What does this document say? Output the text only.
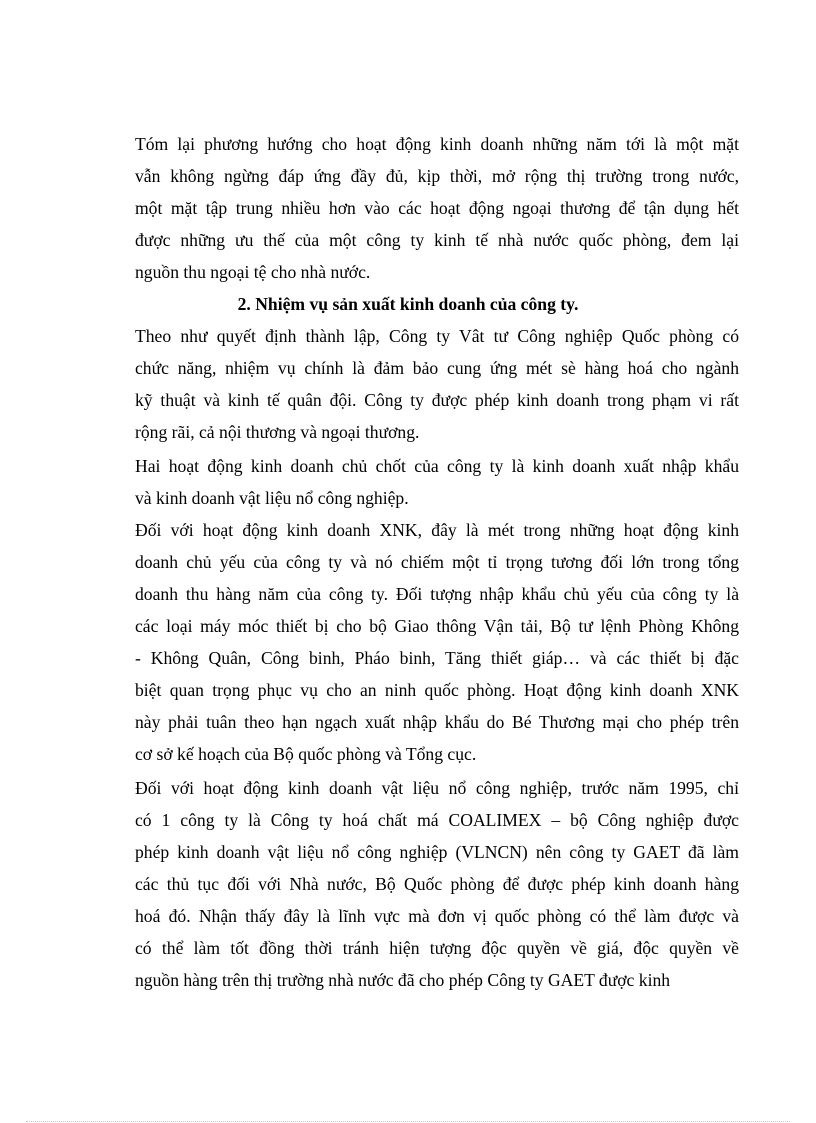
Tóm lại phương hướng cho hoạt động kinh doanh những năm tới là một mặt
vẫn không ngừng đáp ứng đầy đủ, kịp thời, mở rộng thị trường trong nước,
một mặt tập trung nhiều hơn vào các hoạt động ngoại thương để tận dụng hết
được những ưu thế của một công ty kinh tế nhà nước quốc phòng, đem lại
nguồn thu ngoại tệ cho nhà nước.
2. Nhiệm vụ sản xuất kinh doanh của công ty.
Theo như quyết định thành lập, Công ty Vât tư Công nghiệp Quốc phòng có
chức năng, nhiệm vụ chính là đảm bảo cung ứng mét sè hàng hoá cho ngành
kỹ thuật và kinh tế quân đội. Công ty được phép kinh doanh trong phạm vi rất
rộng rãi, cả nội thương và ngoại thương.
Hai hoạt động kinh doanh chủ chốt của công ty là kinh doanh xuất nhập khẩu
và kinh doanh vật liệu nổ công nghiệp.
Đối với hoạt động kinh doanh XNK, đây là mét trong những hoạt động kinh
doanh chủ yếu của công ty và nó chiếm một tỉ trọng tương đối lớn trong tổng
doanh thu hàng năm của công ty. Đối tượng nhập khẩu chủ yếu của công ty là
các loại máy móc thiết bị cho bộ Giao thông Vận tải, Bộ tư lệnh Phòng Không
- Không Quân, Công binh, Pháo binh, Tăng thiết giáp… và các thiết bị đặc
biệt quan trọng phục vụ cho an ninh quốc phòng. Hoạt động kinh doanh XNK
này phải tuân theo hạn ngạch xuất nhập khẩu do Bé Thương mại cho phép trên
cơ sở kế hoạch của Bộ quốc phòng và Tổng cục.
Đối với hoạt động kinh doanh vật liệu nổ công nghiệp, trước năm 1995, chỉ
có 1 công ty là Công ty hoá chất má COALIMEX – bộ Công nghiệp được
phép kinh doanh vật liệu nổ công nghiệp (VLNCN) nên công ty GAET đã làm
các thủ tục đối với Nhà nước, Bộ Quốc phòng để được phép kinh doanh hàng
hoá đó. Nhận thấy đây là lĩnh vực mà đơn vị quốc phòng có thể làm được và
có thể làm tốt đồng thời tránh hiện tượng độc quyền về giá, độc quyền về
nguồn hàng trên thị trường nhà nước đã cho phép Công ty GAET được kinh
